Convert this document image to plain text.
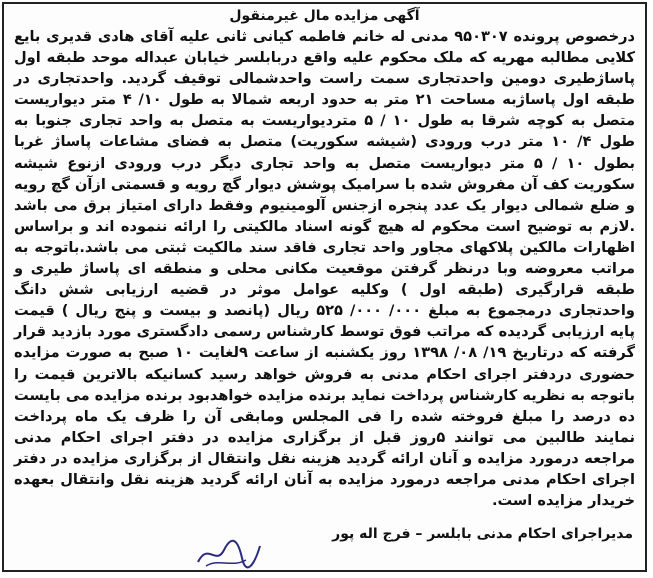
آگهی مزایده مال غیرمنقول
درخصوص پرونده ۹۵۰۳۰۷ مدنی له خانم فاطمه کیانی ثانی علیه آقای هادی قدیری بایع کلایی مطالبه مهریه که ملک محکوم علیه واقع دربابلسر خیابان عبداله موحد طبقه اول پاساژطیری دومین واحدتجاری سمت راست واحدشمالی توقیف گردید. واحدتجاری در طبقه اول پاساژبه مساحت ۲۱ متر به حدود اربعه شمالا به طول ۱۰/ ۴ متر دیواریست متصل به کوچه شرقا به طول ۱۰ / ۵ متردیواریست به متصل به واحد تجاری جنوبا به طول ۴/ ۱۰ متر درب ورودی (شیشه سکوریت) متصل به فضای مشاعات پاساژ غربا بطول ۱۰ / ۵ متر دیواریست متصل به واحد تجاری دیگر درب ورودی ازنوع شیشه سکوریت کف آن مفروش شده با سرامیک پوشش دیوار گچ رویه و قسمتی ازآن گچ رویه و ضلع شمالی دیوار یک عدد پنجره ازجنس آلومینیوم وفقط دارای امتیاز برق می باشد .لازم به توضیح است محکوم له هیچ گونه اسناد مالکیتی را ارائه ننموده اند و براساس اظهارات مالکین پلاکهای مجاور واحد تجاری فاقد سند مالکیت ثبتی می باشد.باتوجه به مراتب معروضه وبا درنظر گرفتن موقعیت مکانی محلی و منطقه ای پاساژ طیری و طبقه قرارگیری (طبقه اول ) وکلیه عوامل موثر در قضیه ارزیابی شش دانگ واحدتجاری درمجموع به مبلغ ۰۰۰/ ۰۰۰/ ۵۲۵ ریال (پانصد و بیست و پنج ریال ) قیمت پایه ارزیابی گردیده که مراتب فوق توسط کارشناس رسمی دادگستری مورد بازدید قرار گرفته که درتاریخ ۱۹/ ۰۸/ ۱۳۹۸ روز یکشنبه از ساعت ۹لغایت ۱۰ صبح به صورت مزایده حضوری دردفتر اجرای احکام مدنی به فروش خواهد رسید کسانیکه بالاترین قیمت را باتوجه به نظریه کارشناس پرداخت نماید برنده مزایده خواهدبود برنده مزایده می بایست ده درصد را مبلغ فروخته شده را فی المجلس ومابقی آن را ظرف یک ماه پرداخت نمایند طالبین می توانند ۵روز قبل از برگزاری مزایده در دفتر اجرای احکام مدنی مراجعه درمورد مزایده و آنان ارائه گردید هزینه نقل وانتقال از برگزاری مزایده در دفتر اجرای احکام مدنی مراجعه درمورد مزایده به آنان ارائه گردید هزینه نقل وانتقال بعهده خریدار مزایده است.
مدیراجرای احکام مدنی بابلسر – فرج اله پور
